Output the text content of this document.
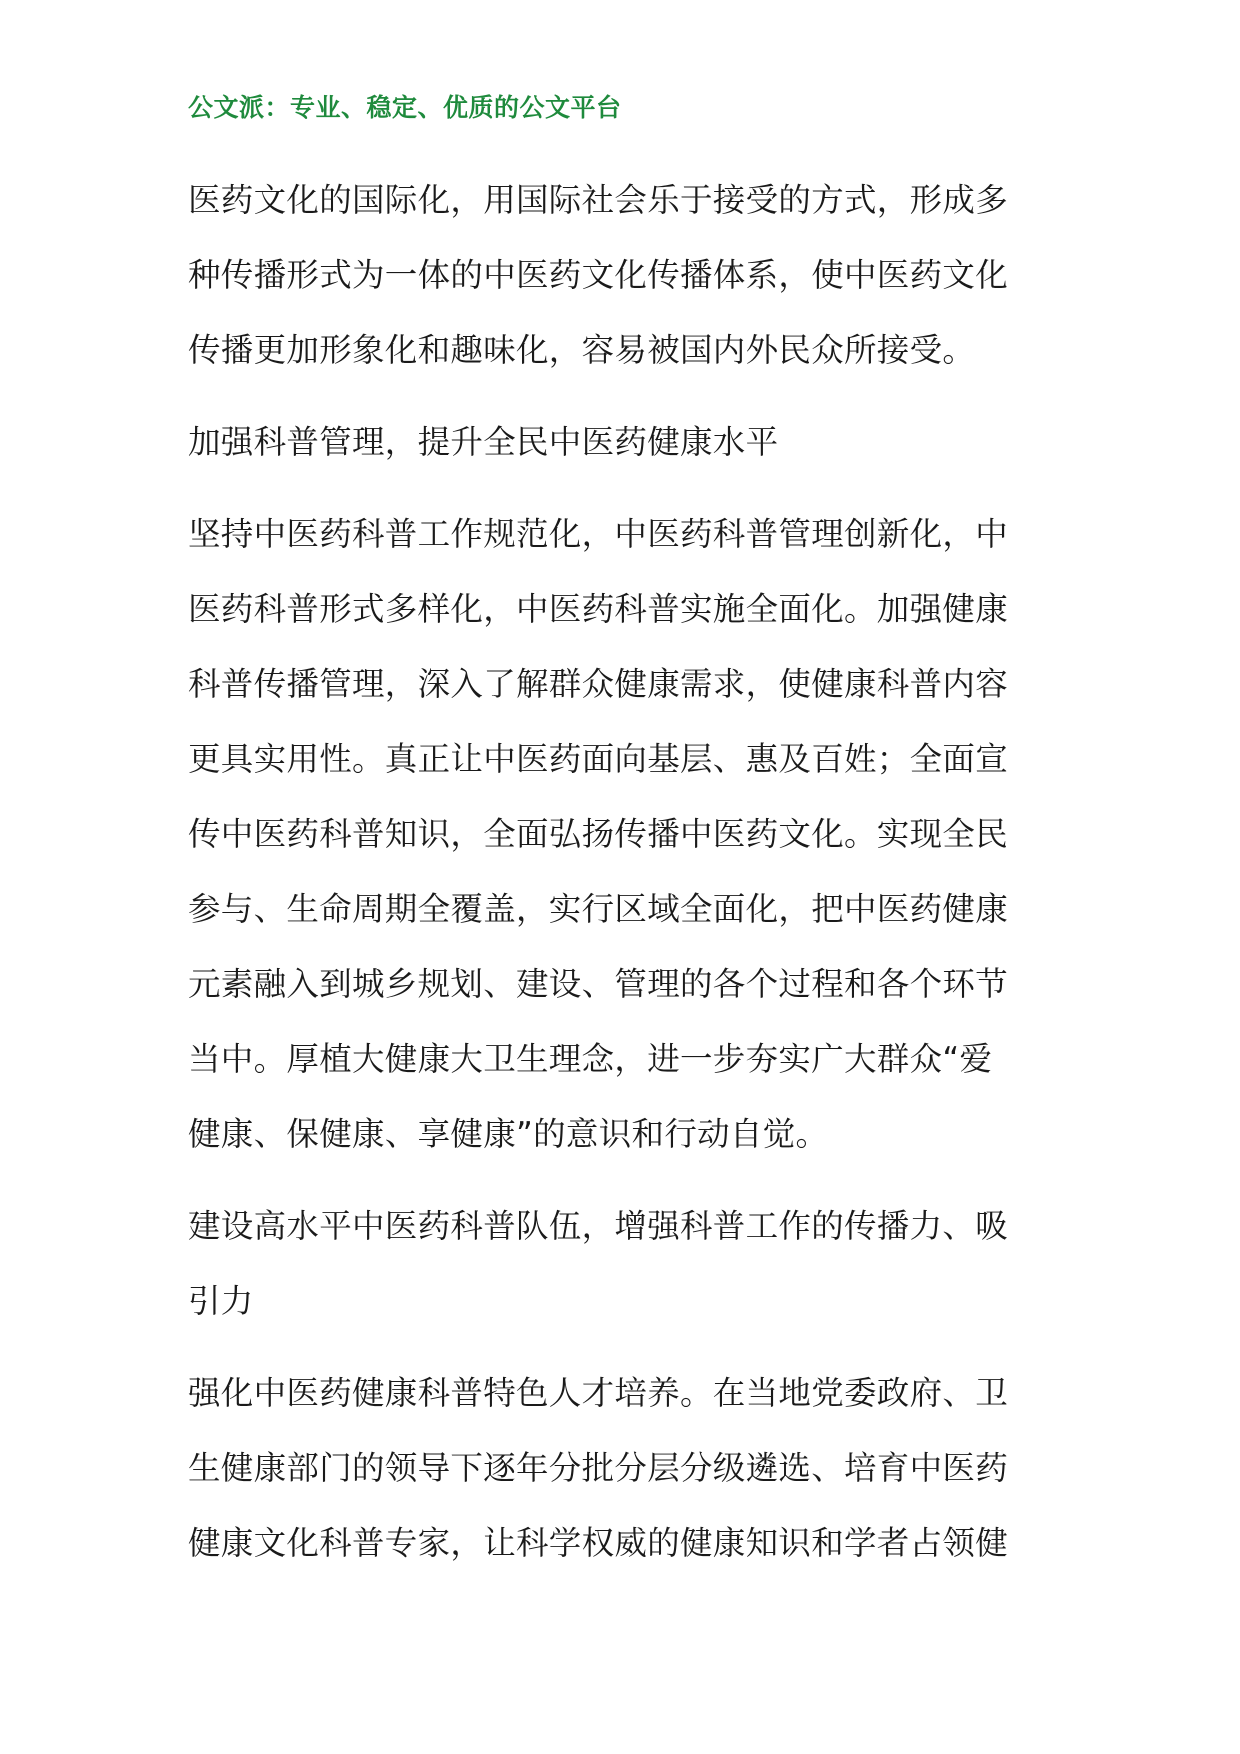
公文派：专业、稳定、优质的公文平台
医药文化的国际化，用国际社会乐于接受的方式，形成多
种传播形式为一体的中医药文化传播体系，使中医药文化
传播更加形象化和趣味化，容易被国内外民众所接受。
加强科普管理，提升全民中医药健康水平
坚持中医药科普工作规范化，中医药科普管理创新化，中
医药科普形式多样化，中医药科普实施全面化。加强健康
科普传播管理，深入了解群众健康需求，使健康科普内容
更具实用性。真正让中医药面向基层、惠及百姓；全面宣
传中医药科普知识，全面弘扬传播中医药文化。实现全民
参与、生命周期全覆盖，实行区域全面化，把中医药健康
元素融入到城乡规划、建设、管理的各个过程和各个环节
当中。厚植大健康大卫生理念，进一步夯实广大群众“爱
健康、保健康、享健康”的意识和行动自觉。
建设高水平中医药科普队伍，增强科普工作的传播力、吸
引力
强化中医药健康科普特色人才培养。在当地党委政府、卫
生健康部门的领导下逐年分批分层分级遴选、培育中医药
健康文化科普专家，让科学权威的健康知识和学者占领健
